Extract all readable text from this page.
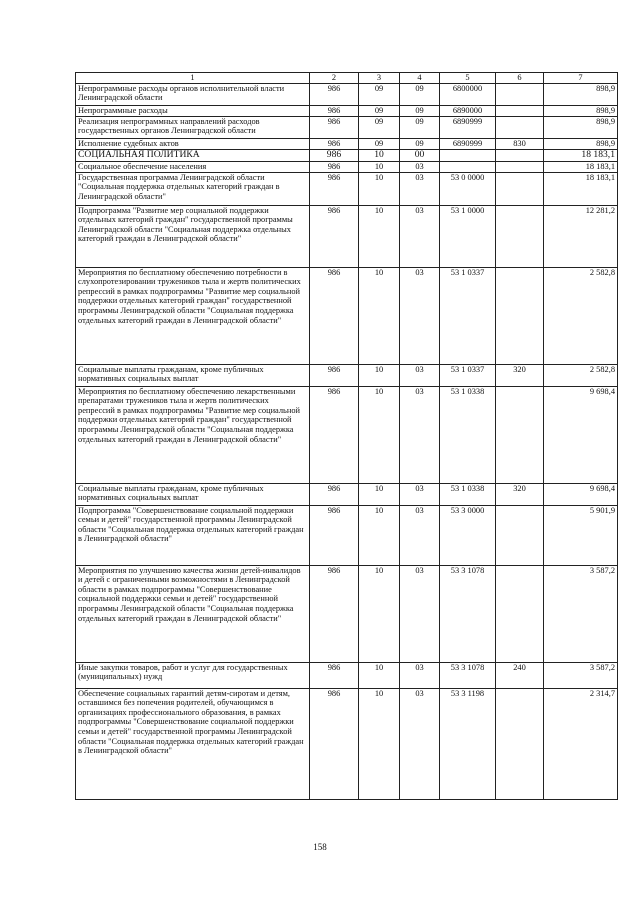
1	2	3	4	5	6	7
Непрограммные расходы органов исполнительной власти Ленинградской области	986	09	09	6800000		898,9
Непрограммные расходы	986	09	09	6890000		898,9
Реализация непрограммных направлений расходов государственных органов Ленинградской области	986	09	09	6890999		898,9
Исполнение судебных актов	986	09	09	6890999	830	898,9
СОЦИАЛЬНАЯ ПОЛИТИКА	986	10	00			18 183,1
Социальное обеспечение населения	986	10	03			18 183,1
Государственная программа Ленинградской области "Социальная поддержка отдельных категорий граждан в Ленинградской области"	986	10	03	53 0 0000		18 183,1
Подпрограмма "Развитие мер социальной поддержки отдельных категорий граждан" государственной программы Ленинградской области "Социальная поддержка отдельных категорий граждан в Ленинградской области"	986	10	03	53 1 0000		12 281,2
Мероприятия по бесплатному обеспечению потребности в слухопротезировании тружеников тыла и жертв политических репрессий в рамках подпрограммы "Развитие мер социальной поддержки отдельных категорий граждан" государственной программы Ленинградской области "Социальная поддержка отдельных категорий граждан в Ленинградской области"	986	10	03	53 1 0337		2 582,8
Социальные выплаты гражданам, кроме публичных нормативных социальных выплат	986	10	03	53 1 0337	320	2 582,8
Мероприятия по бесплатному обеспечению лекарственными препаратами тружеников тыла и жертв политических репрессий в рамках подпрограммы "Развитие мер социальной поддержки отдельных категорий граждан" государственной программы Ленинградской области "Социальная поддержка отдельных категорий граждан в Ленинградской области"	986	10	03	53 1 0338		9 698,4
Социальные выплаты гражданам, кроме публичных нормативных социальных выплат	986	10	03	53 1 0338	320	9 698,4
Подпрограмма "Совершенствование социальной поддержки семьи и детей" государственной программы Ленинградской области "Социальная поддержка отдельных категорий граждан в Ленинградской области"	986	10	03	53 3 0000		5 901,9
Мероприятия по улучшению качества жизни детей-инвалидов и детей с ограниченными возможностями в Ленинградской области в рамках подпрограммы "Совершенствование социальной поддержки семьи и детей" государственной программы Ленинградской области "Социальная поддержка отдельных категорий граждан в Ленинградской области"	986	10	03	53 3 1078		3 587,2
Иные закупки товаров, работ и услуг для государственных (муниципальных) нужд	986	10	03	53 3 1078	240	3 587,2
Обеспечение социальных гарантий детям-сиротам и детям, оставшимся без попечения родителей, обучающимся в организациях профессионального образования, в рамках подпрограммы "Совершенствование социальной поддержки семьи и детей" государственной программы Ленинградской области "Социальная поддержка отдельных категорий граждан в Ленинградской области"	986	10	03	53 3 1198		2 314,7
158
